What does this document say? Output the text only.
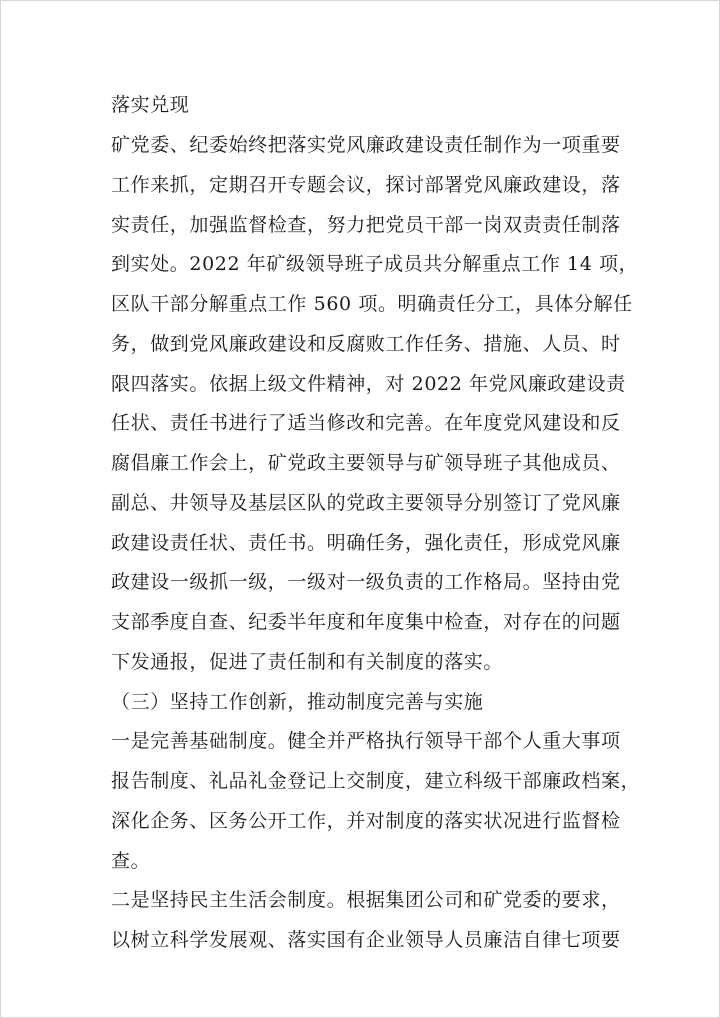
落实兑现
矿党委、纪委始终把落实党风廉政建设责任制作为一项重要
工作来抓，定期召开专题会议，探讨部署党风廉政建设，落
实责任，加强监督检查，努力把党员干部一岗双责责任制落
到实处。2022 年矿级领导班子成员共分解重点工作 14 项，
区队干部分解重点工作 560 项。明确责任分工，具体分解任
务，做到党风廉政建设和反腐败工作任务、措施、人员、时
限四落实。依据上级文件精神，对 2022 年党风廉政建设责
任状、责任书进行了适当修改和完善。在年度党风建设和反
腐倡廉工作会上，矿党政主要领导与矿领导班子其他成员、
副总、井领导及基层区队的党政主要领导分别签订了党风廉
政建设责任状、责任书。明确任务，强化责任，形成党风廉
政建设一级抓一级，一级对一级负责的工作格局。坚持由党
支部季度自查、纪委半年度和年度集中检查，对存在的问题
下发通报，促进了责任制和有关制度的落实。
（三）坚持工作创新，推动制度完善与实施
一是完善基础制度。健全并严格执行领导干部个人重大事项
报告制度、礼品礼金登记上交制度，建立科级干部廉政档案，
深化企务、区务公开工作，并对制度的落实状况进行监督检
查。
二是坚持民主生活会制度。根据集团公司和矿党委的要求，
以树立科学发展观、落实国有企业领导人员廉洁自律七项要
